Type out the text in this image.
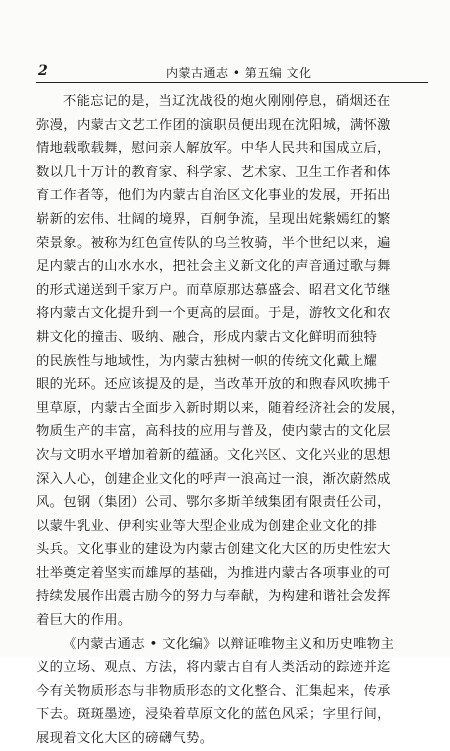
2	内蒙古通志 • 第五编 文化
不能忘记的是，当辽沈战役的炮火刚刚停息，硝烟还在
弥漫，内蒙古文艺工作团的演职员便出现在沈阳城，满怀激
情地载歌载舞，慰问亲人解放军。中华人民共和国成立后，
数以几十万计的教育家、科学家、艺术家、卫生工作者和体
育工作者等，他们为内蒙古自治区文化事业的发展，开拓出
崭新的宏伟、壮阔的境界，百舸争流，呈现出姹紫嫣红的繁
荣景象。被称为红色宣传队的乌兰牧骑，半个世纪以来，遍
足内蒙古的山水水水，把社会主义新文化的声音通过歌与舞
的形式递送到千家万户。而草原那达慕盛会、昭君文化节继
将内蒙古文化提升到一个更高的层面。于是，游牧文化和农
耕文化的撞击、吸纳、融合，形成内蒙古文化鲜明而独特
的民族性与地域性，为内蒙古独树一帜的传统文化戴上耀
眼的光环。还应该提及的是，当改革开放的和煦春风吹拂千
里草原，内蒙古全面步入新时期以来，随着经济社会的发展，
物质生产的丰富，高科技的应用与普及，使内蒙古的文化层
次与文明水平增加着新的蕴涵。文化兴区、文化兴业的思想
深入人心，创建企业文化的呼声一浪高过一浪，渐次蔚然成
风。包钢（集团）公司、鄂尔多斯羊绒集团有限责任公司，
以蒙牛乳业、伊利实业等大型企业成为创建企业文化的排
头兵。文化事业的建设为内蒙古创建文化大区的历史性宏大
壮举奠定着坚实而雄厚的基础，为推进内蒙古各项事业的可
持续发展作出震古励今的努力与奉献，为构建和谐社会发挥
着巨大的作用。
《内蒙古通志 • 文化编》以辩证唯物主义和历史唯物主
义的立场、观点、方法，将内蒙古自有人类活动的踪迹并迄
今有关物质形态与非物质形态的文化整合、汇集起来，传承
下去。斑斑墨迹，浸染着草原文化的蓝色风采；字里行间，
展现着文化大区的磅礴气势。
